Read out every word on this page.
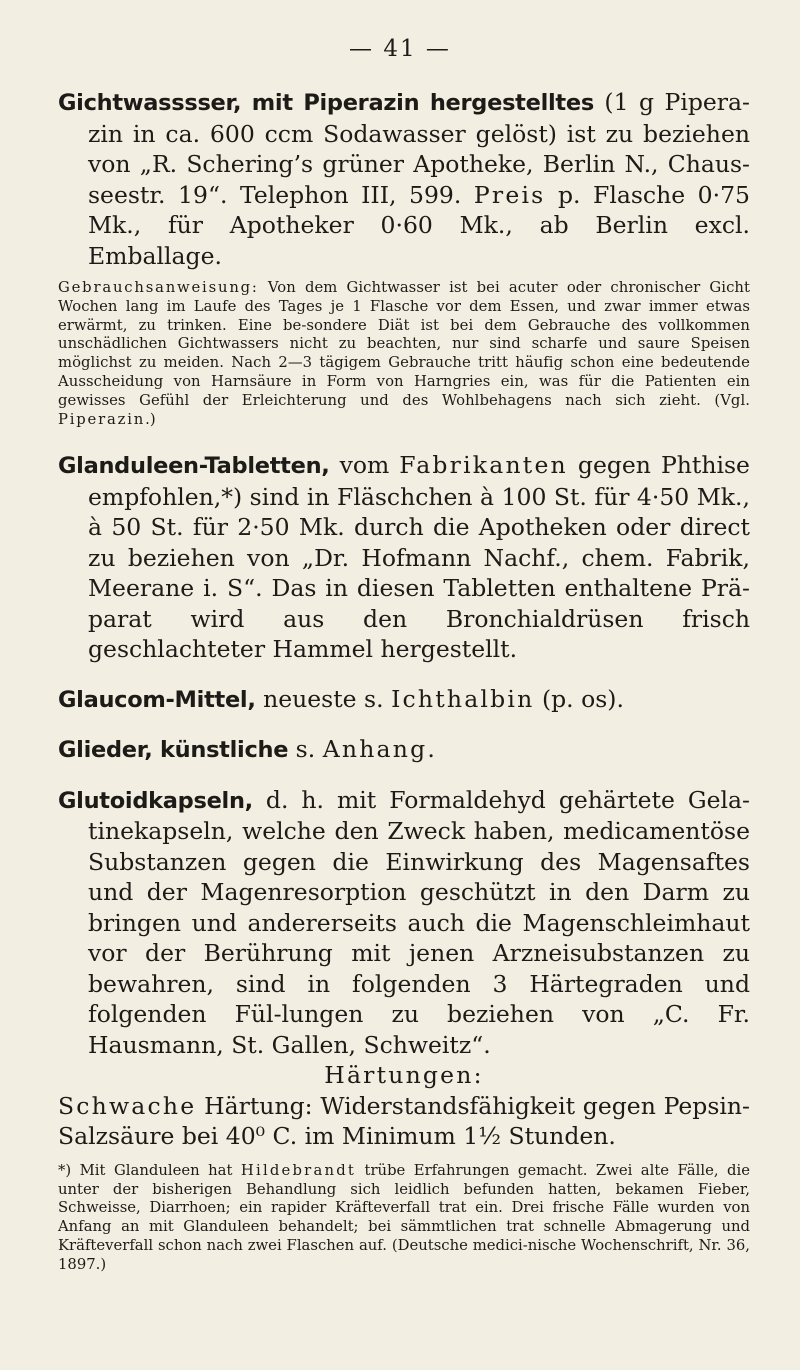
— 41 —

Gichtwasssser, mit Piperazin hergestelltes (1 g Pipera-zin in ca. 600 ccm Sodawasser gelöst) ist zu beziehen von „R. Schering’s grüner Apotheke, Berlin N., Chaus-seestr. 19“. Telephon III, 599. Preis p. Flasche 0·75 Mk., für Apotheker 0·60 Mk., ab Berlin excl. Emballage.

Gebrauchsanweisung: Von dem Gichtwasser ist bei acuter oder chronischer Gicht Wochen lang im Laufe des Tages je 1 Flasche vor dem Essen, und zwar immer etwas erwärmt, zu trinken. Eine be-sondere Diät ist bei dem Gebrauche des vollkommen unschädlichen Gichtwassers nicht zu beachten, nur sind scharfe und saure Speisen möglichst zu meiden. Nach 2—3 tägigem Gebrauche tritt häufig schon eine bedeutende Ausscheidung von Harnsäure in Form von Harngries ein, was für die Patienten ein gewisses Gefühl der Erleichterung und des Wohlbehagens nach sich zieht. (Vgl. Piperazin.)

Glanduleen-Tabletten, vom Fabrikanten gegen Phthise empfohlen,*) sind in Fläschchen à 100 St. für 4·50 Mk., à 50 St. für 2·50 Mk. durch die Apotheken oder direct zu beziehen von „Dr. Hofmann Nachf., chem. Fabrik, Meerane i. S“. Das in diesen Tabletten enthaltene Prä-parat wird aus den Bronchialdrüsen frisch geschlachteter Hammel hergestellt.

Glaucom-Mittel, neueste s. Ichthalbin (p. os).

Glieder, künstliche s. Anhang.

Glutoidkapseln, d. h. mit Formaldehyd gehärtete Gela-tinekapseln, welche den Zweck haben, medicamentöse Substanzen gegen die Einwirkung des Magensaftes und der Magenresorption geschützt in den Darm zu bringen und andererseits auch die Magenschleimhaut vor der Berührung mit jenen Arzneisubstanzen zu bewahren, sind in folgenden 3 Härtegraden und folgenden Fül-lungen zu beziehen von „C. Fr. Hausmann, St. Gallen, Schweitz“.

Härtungen:

Schwache Härtung: Widerstandsfähigkeit gegen Pepsin-Salzsäure bei 40⁰ C. im Minimum 1½ Stunden.

*) Mit Glanduleen hat Hildebrandt trübe Erfahrungen gemacht. Zwei alte Fälle, die unter der bisherigen Behandlung sich leidlich befunden hatten, bekamen Fieber, Schweisse, Diarrhoen; ein rapider Kräfteverfall trat ein. Drei frische Fälle wurden von Anfang an mit Glanduleen behandelt; bei sämmtlichen trat schnelle Abmagerung und Kräfteverfall schon nach zwei Flaschen auf. (Deutsche medici-nische Wochenschrift, Nr. 36, 1897.)
